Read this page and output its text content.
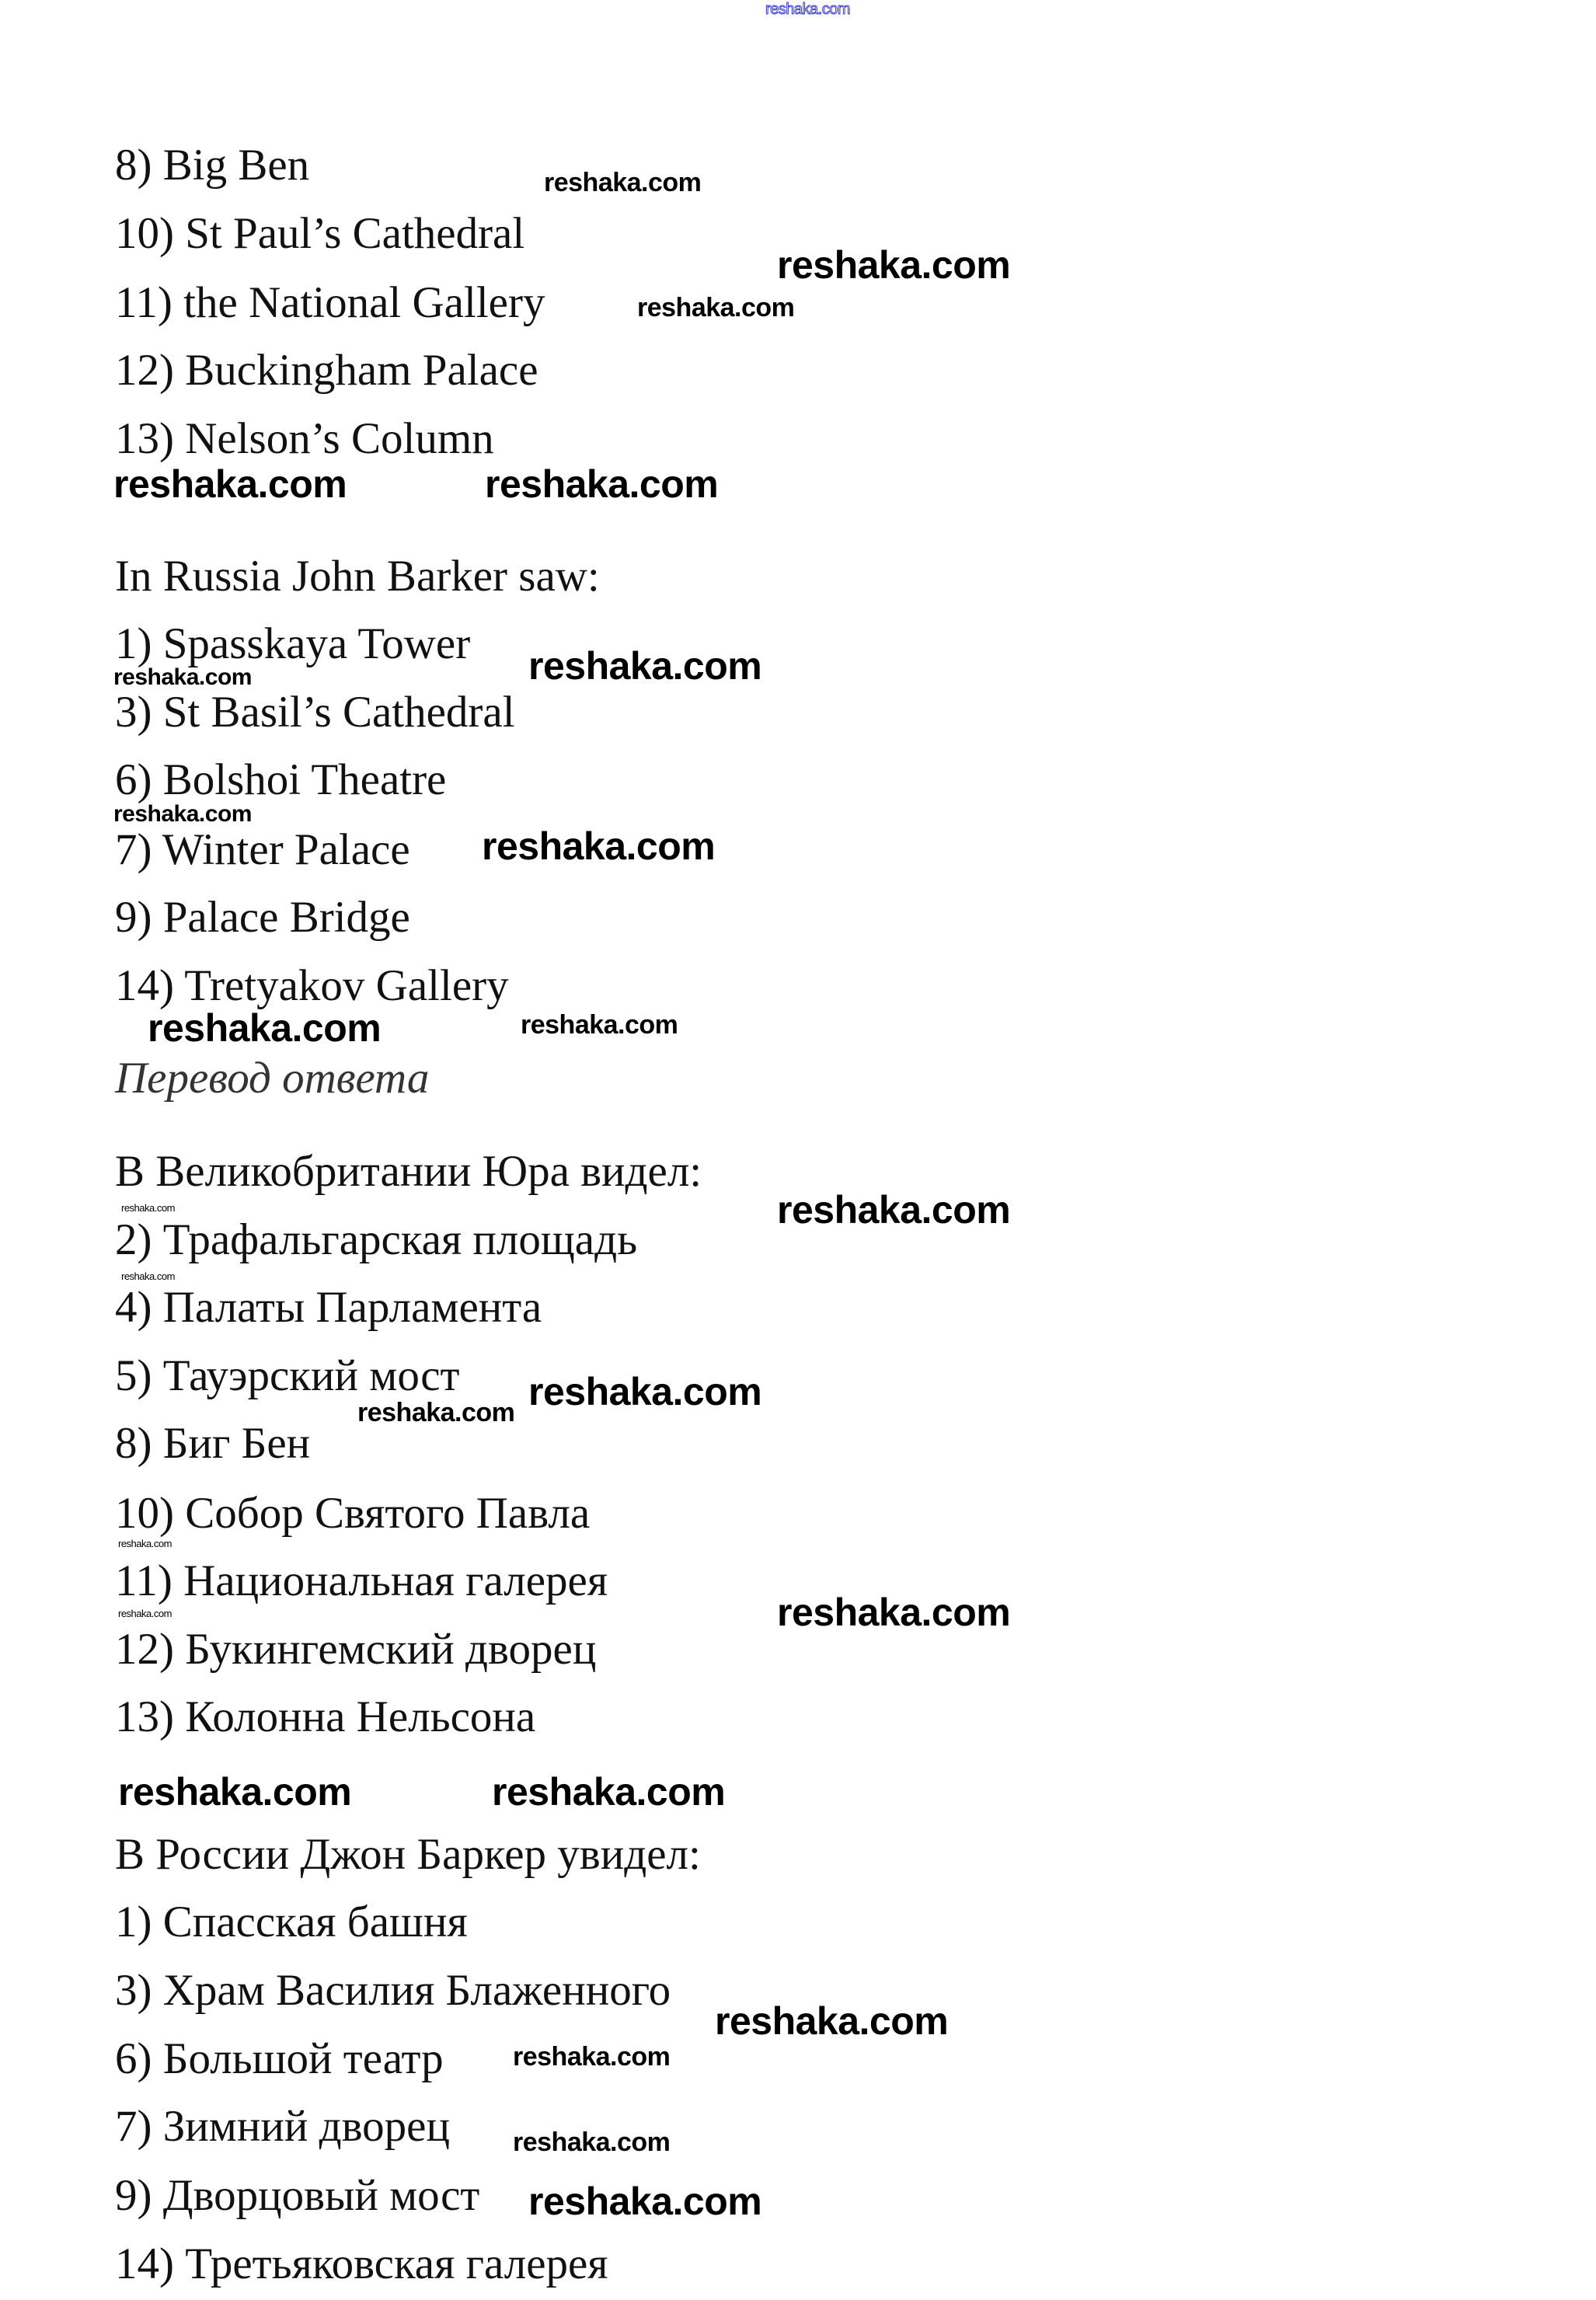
8) Big Ben
10) St Paul’s Cathedral
11) the National Gallery
12) Buckingham Palace
13) Nelson’s Column
In Russia John Barker saw:
1) Spasskaya Tower
3) St Basil’s Cathedral
6) Bolshoi Theatre
7) Winter Palace
9) Palace Bridge
14) Tretyakov Gallery
Перевод ответа
В Великобритании Юра видел:
2) Трафальгарская площадь
4) Палаты Парламента
5) Тауэрский мост
8) Биг Бен
10) Собор Святого Павла
11) Национальная галерея
12) Букингемский дворец
13) Колонна Нельсона
В России Джон Баркер увидел:
1) Спасская башня
3) Храм Василия Блаженного
6) Большой театр
7) Зимний дворец
9) Дворцовый мост
14) Третьяковская галерея
reshaka.com
reshaka.com
reshaka.com
reshaka.com
reshaka.com	reshaka.com
reshaka.com
reshaka.com
reshaka.com
reshaka.com
reshaka.com	reshaka.com
reshaka.com	reshaka.com
reshaka.com
reshaka.com
reshaka.com
reshaka.com
reshaka.com	reshaka.com
reshaka.com	reshaka.com
reshaka.com
reshaka.com
reshaka.com
reshaka.com
